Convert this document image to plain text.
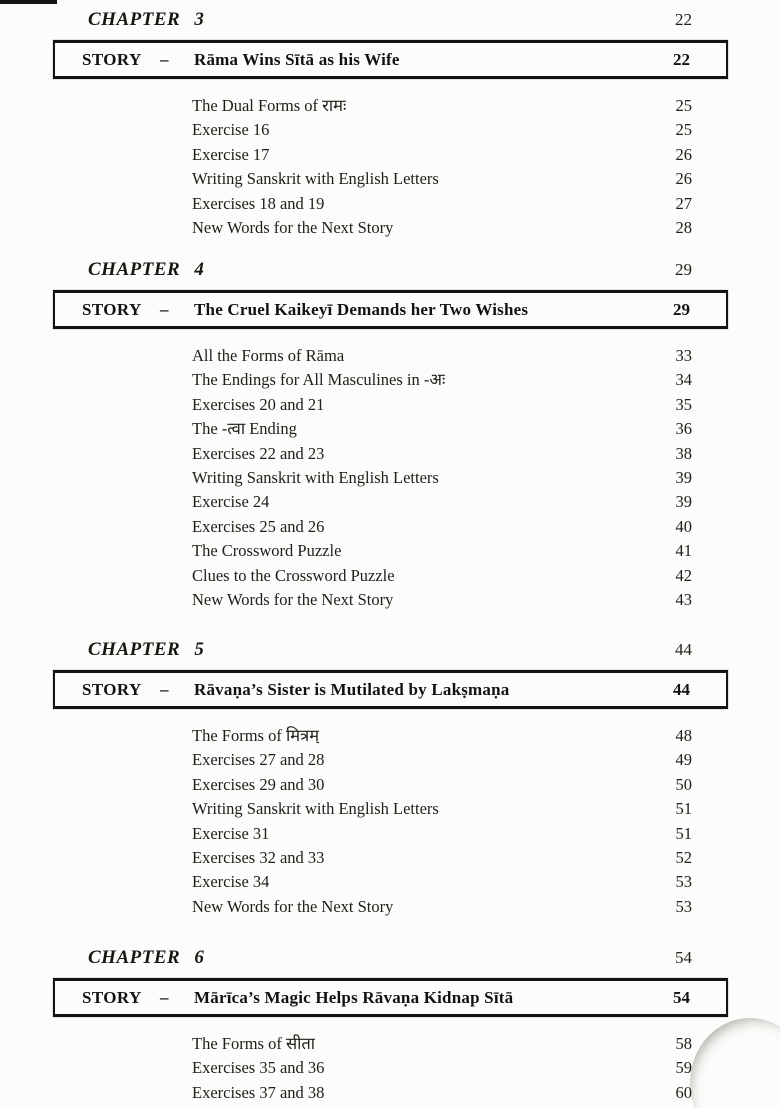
CHAPTER 3	22
STORY	–	Rāma Wins Sītā as his Wife	22
The Dual Forms of रामः	25
Exercise 16	25
Exercise 17	26
Writing Sanskrit with English Letters	26
Exercises 18 and 19	27
New Words for the Next Story	28
CHAPTER 4	29
STORY	–	The Cruel Kaikeyī Demands her Two Wishes	29
All the Forms of Rāma	33
The Endings for All Masculines in -अः	34
Exercises 20 and 21	35
The -त्वा Ending	36
Exercises 22 and 23	38
Writing Sanskrit with English Letters	39
Exercise 24	39
Exercises 25 and 26	40
The Crossword Puzzle	41
Clues to the Crossword Puzzle	42
New Words for the Next Story	43
CHAPTER 5	44
STORY	–	Rāvaṇa’s Sister is Mutilated by Lakṣmaṇa	44
The Forms of मित्रम्	48
Exercises 27 and 28	49
Exercises 29 and 30	50
Writing Sanskrit with English Letters	51
Exercise 31	51
Exercises 32 and 33	52
Exercise 34	53
New Words for the Next Story	53
CHAPTER 6	54
STORY	–	Mārīca’s Magic Helps Rāvaṇa Kidnap Sītā	54
The Forms of सीता	58
Exercises 35 and 36	59
Exercises 37 and 38	60
